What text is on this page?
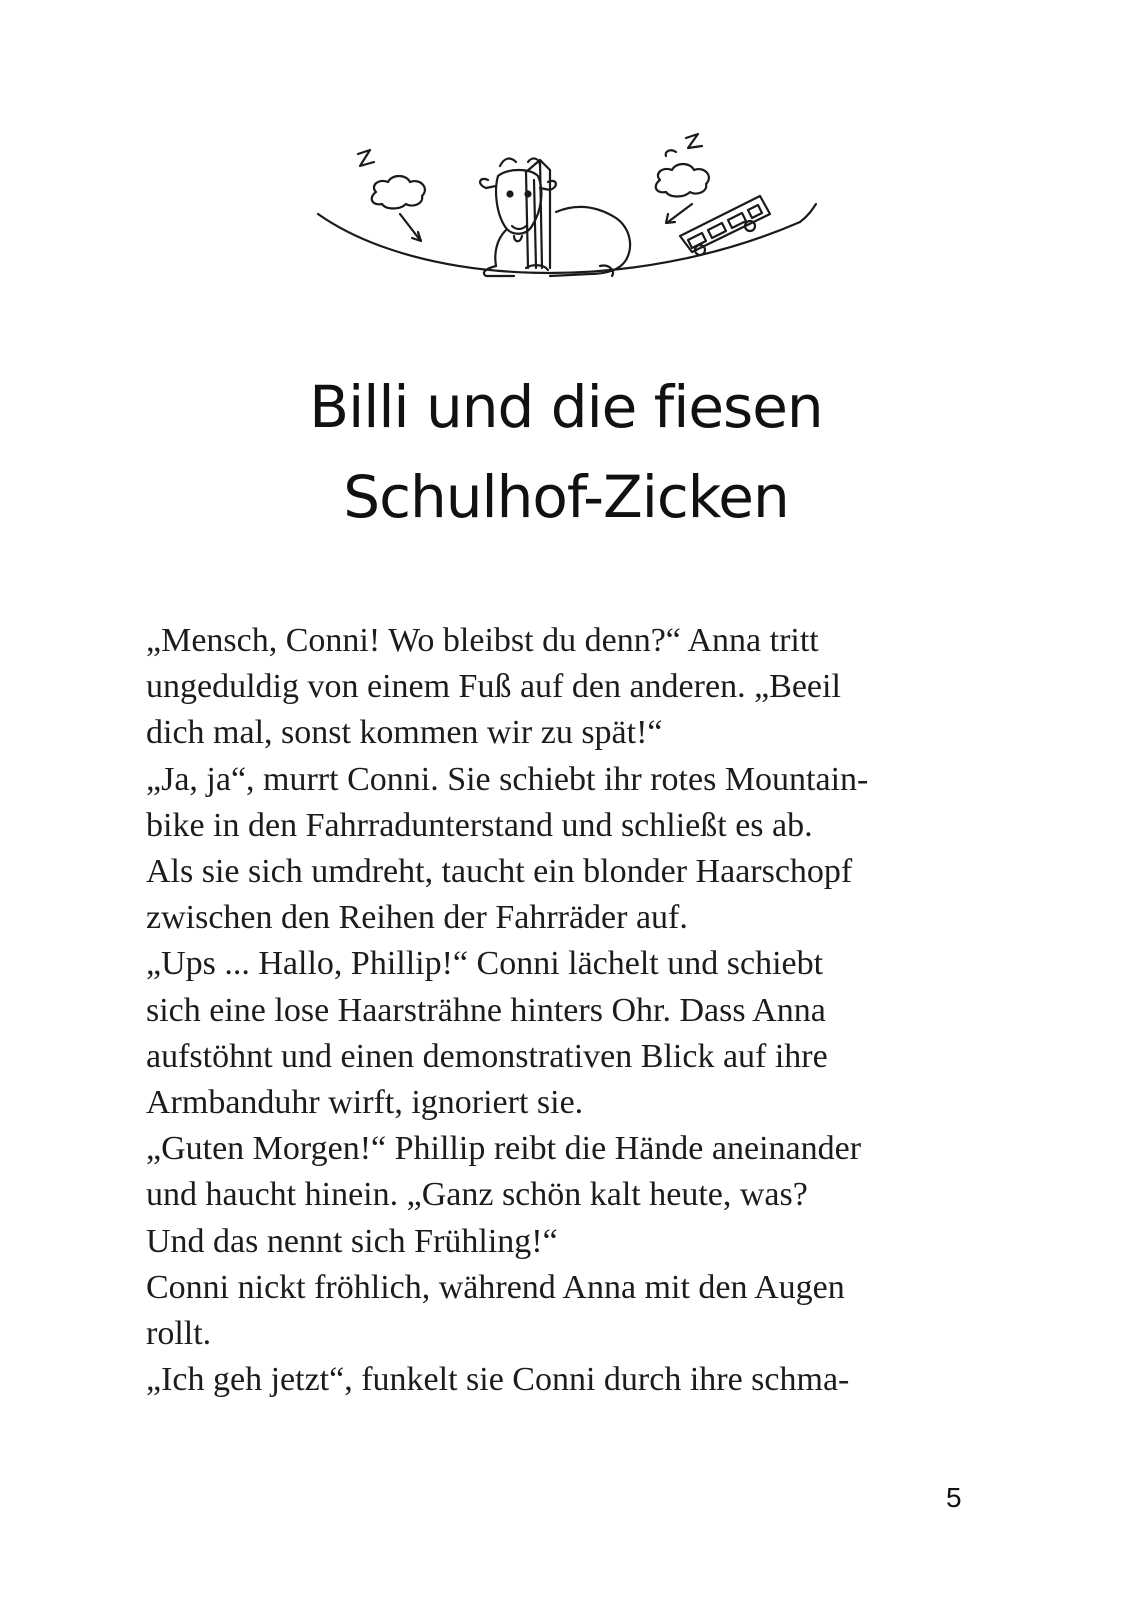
Billi und die fiesen
Schulhof-Zicken
„Mensch, Conni! Wo bleibst du denn?“ Anna tritt
ungeduldig von einem Fuß auf den anderen. „Beeil
dich mal, sonst kommen wir zu spät!“
„Ja, ja“, murrt Conni. Sie schiebt ihr rotes Mountain-
bike in den Fahrradunterstand und schließt es ab.
Als sie sich umdreht, taucht ein blonder Haarschopf
zwischen den Reihen der Fahrräder auf.
„Ups ... Hallo, Phillip!“ Conni lächelt und schiebt
sich eine lose Haarsträhne hinters Ohr. Dass Anna
aufstöhnt und einen demonstrativen Blick auf ihre
Armbanduhr wirft, ignoriert sie.
„Guten Morgen!“ Phillip reibt die Hände aneinander
und haucht hinein. „Ganz schön kalt heute, was?
Und das nennt sich Frühling!“
Conni nickt fröhlich, während Anna mit den Augen
rollt.
„Ich geh jetzt“, funkelt sie Conni durch ihre schma-
5
